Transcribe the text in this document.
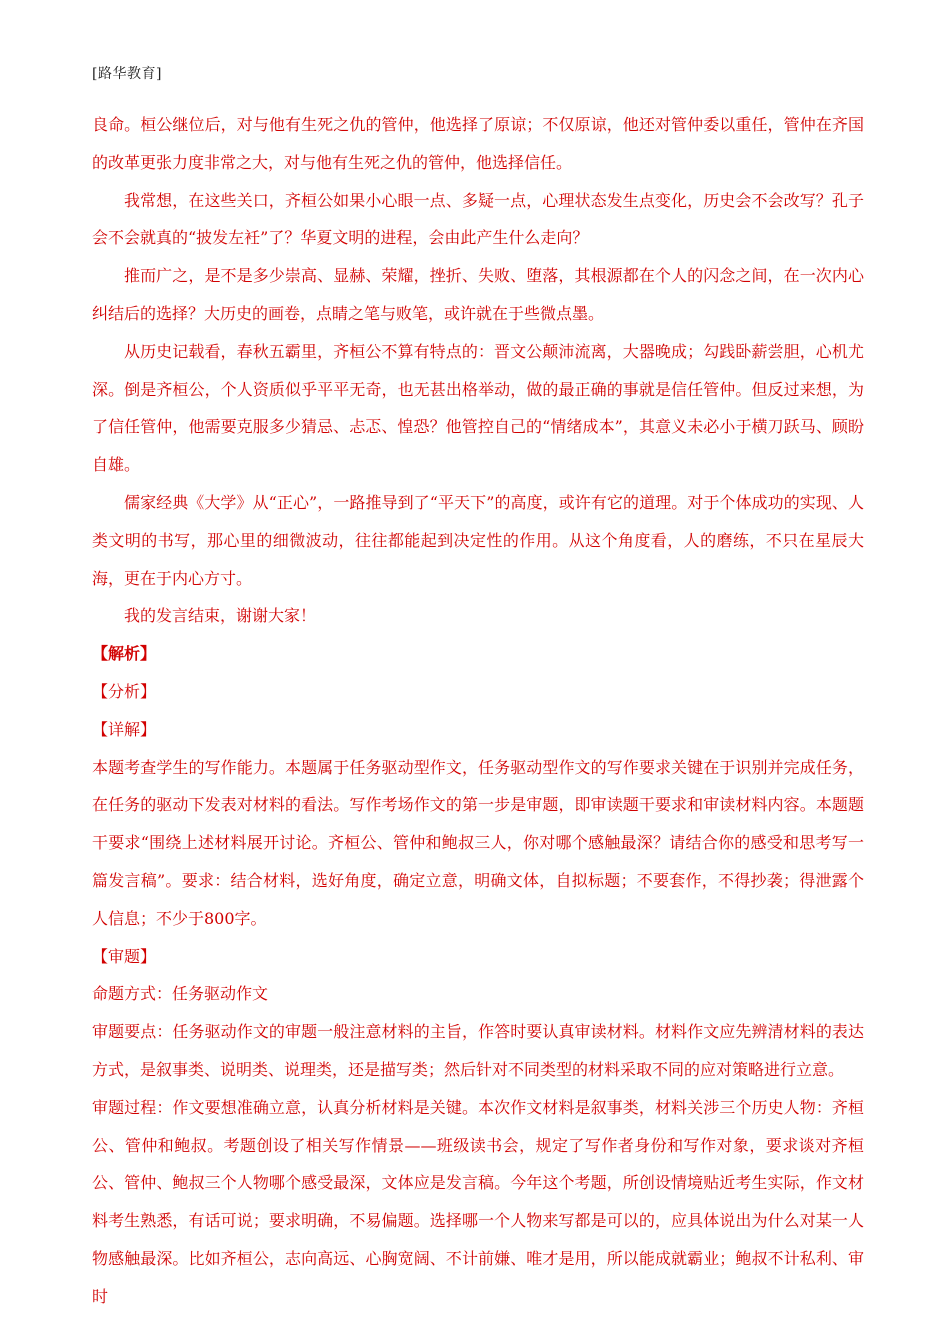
[路华教育]

良命。桓公继位后，对与他有生死之仇的管仲，他选择了原谅；不仅原谅，他还对管仲委以重任，管仲在齐国的改革更张力度非常之大，对与他有生死之仇的管仲，他选择信任。

我常想，在这些关口，齐桓公如果小心眼一点、多疑一点，心理状态发生点变化，历史会不会改写？孔子会不会就真的“披发左衽”了？华夏文明的进程，会由此产生什么走向？

推而广之，是不是多少崇高、显赫、荣耀，挫折、失败、堕落，其根源都在个人的闪念之间，在一次内心纠结后的选择？大历史的画卷，点睛之笔与败笔，或许就在于些微点墨。

从历史记载看，春秋五霸里，齐桓公不算有特点的：晋文公颠沛流离，大器晚成；勾践卧薪尝胆，心机尤深。倒是齐桓公，个人资质似乎平平无奇，也无甚出格举动，做的最正确的事就是信任管仲。但反过来想，为了信任管仲，他需要克服多少猜忌、忐忑、惶恐？他管控自己的“情绪成本”，其意义未必小于横刀跃马、顾盼自雄。

儒家经典《大学》从“正心”，一路推导到了“平天下”的高度，或许有它的道理。对于个体成功的实现、人类文明的书写，那心里的细微波动，往往都能起到决定性的作用。从这个角度看，人的磨练，不只在星辰大海，更在于内心方寸。

我的发言结束，谢谢大家！

【解析】

【分析】

【详解】

本题考查学生的写作能力。本题属于任务驱动型作文，任务驱动型作文的写作要求关键在于识别并完成任务，在任务的驱动下发表对材料的看法。写作考场作文的第一步是审题，即审读题干要求和审读材料内容。本题题干要求“围绕上述材料展开讨论。齐桓公、管仲和鲍叔三人，你对哪个感触最深？请结合你的感受和思考写一篇发言稿”。要求：结合材料，选好角度，确定立意，明确文体，自拟标题；不要套作，不得抄袭；得泄露个人信息；不少于800字。

【审题】

命题方式：任务驱动作文

审题要点：任务驱动作文的审题一般注意材料的主旨，作答时要认真审读材料。材料作文应先辨清材料的表达方式，是叙事类、说明类、说理类，还是描写类；然后针对不同类型的材料采取不同的应对策略进行立意。

审题过程：作文要想准确立意，认真分析材料是关键。本次作文材料是叙事类，材料关涉三个历史人物：齐桓公、管仲和鲍叔。考题创设了相关写作情景——班级读书会，规定了写作者身份和写作对象，要求谈对齐桓公、管仲、鲍叔三个人物哪个感受最深，文体应是发言稿。今年这个考题，所创设情境贴近考生实际，作文材料考生熟悉，有话可说；要求明确，不易偏题。选择哪一个人物来写都是可以的，应具体说出为什么对某一人物感触最深。比如齐桓公，志向高远、心胸宽阔、不计前嫌、唯才是用，所以能成就霸业；鲍叔不计私利、审时
